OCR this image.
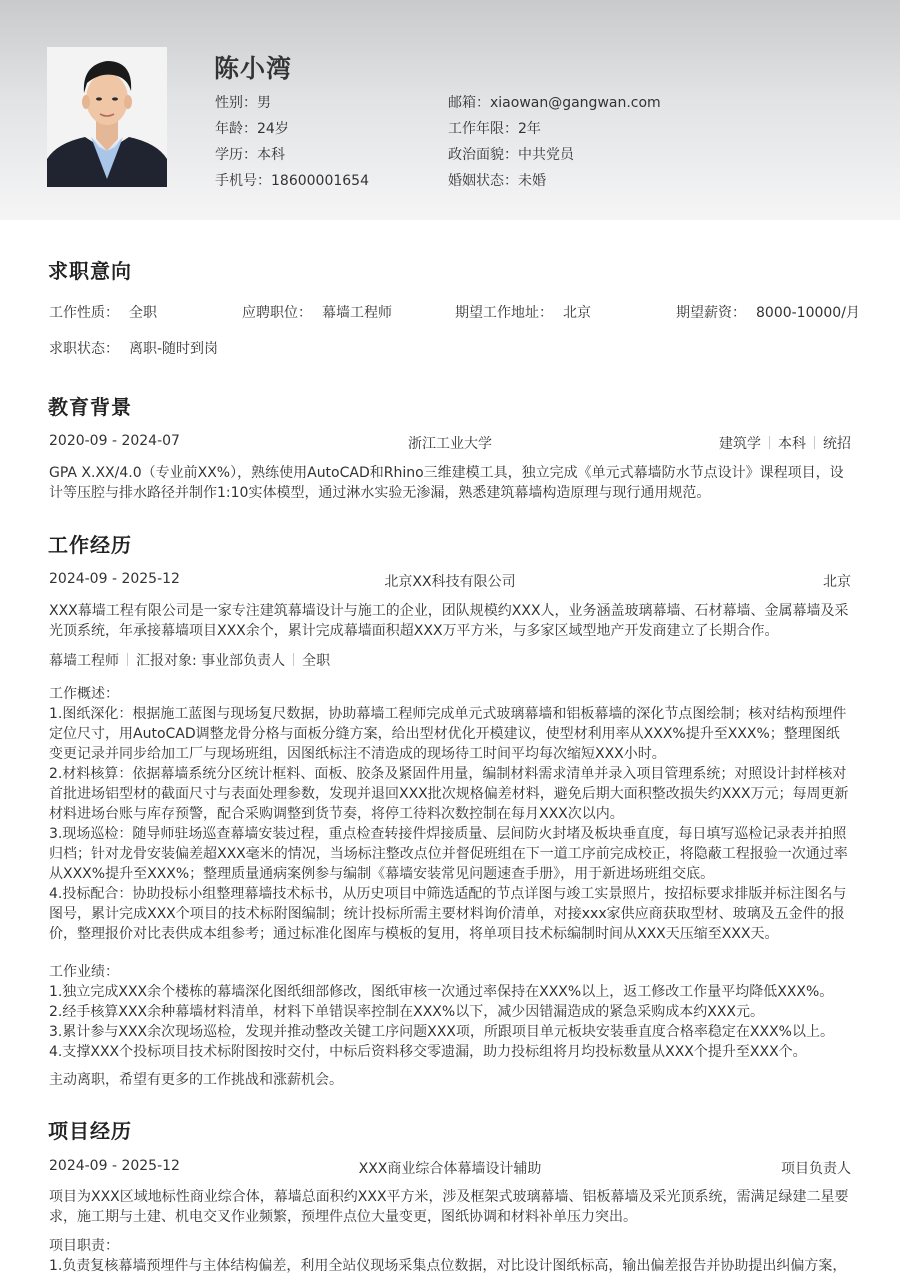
陈小湾
性别：男
年龄：24岁
学历：本科
手机号：18600001654
邮箱：xiaowan@gangwan.com
工作年限：2年
政治面貌：中共党员
婚姻状态：未婚
求职意向
工作性质： 全职	应聘职位： 幕墙工程师	期望工作地址： 北京	期望薪资： 8000-10000/月
求职状态： 离职-随时到岗
教育背景
2020-09 - 2024-07	浙江工业大学	建筑学 本科 统招
GPA X.XX/4.0（专业前XX%），熟练使用AutoCAD和Rhino三维建模工具，独立完成《单元式幕墙防水节点设计》课程项目，设计等压腔与排水路径并制作1:10实体模型，通过淋水实验无渗漏，熟悉建筑幕墙构造原理与现行通用规范。
工作经历
2024-09 - 2025-12	北京XX科技有限公司	北京
XXX幕墙工程有限公司是一家专注建筑幕墙设计与施工的企业，团队规模约XXX人，业务涵盖玻璃幕墙、石材幕墙、金属幕墙及采光顶系统，年承接幕墙项目XXX余个，累计完成幕墙面积超XXX万平方米，与多家区域型地产开发商建立了长期合作。
幕墙工程师 汇报对象: 事业部负责人 全职
工作概述：
1.图纸深化：根据施工蓝图与现场复尺数据，协助幕墙工程师完成单元式玻璃幕墙和铝板幕墙的深化节点图绘制；核对结构预埋件定位尺寸，用AutoCAD调整龙骨分格与面板分缝方案，给出型材优化开模建议，使型材利用率从XXX%提升至XXX%；整理图纸变更记录并同步给加工厂与现场班组，因图纸标注不清造成的现场待工时间平均每次缩短XXX小时。
2.材料核算：依据幕墙系统分区统计框料、面板、胶条及紧固件用量，编制材料需求清单并录入项目管理系统；对照设计封样核对首批进场铝型材的截面尺寸与表面处理参数，发现并退回XXX批次规格偏差材料，避免后期大面积整改损失约XXX万元；每周更新材料进场台账与库存预警，配合采购调整到货节奏，将停工待料次数控制在每月XXX次以内。
3.现场巡检：随导师驻场巡查幕墙安装过程，重点检查转接件焊接质量、层间防火封堵及板块垂直度，每日填写巡检记录表并拍照归档；针对龙骨安装偏差超XXX毫米的情况，当场标注整改点位并督促班组在下一道工序前完成校正，将隐蔽工程报验一次通过率从XXX%提升至XXX%；整理质量通病案例参与编制《幕墙安装常见问题速查手册》，用于新进场班组交底。
4.投标配合：协助投标小组整理幕墙技术标书，从历史项目中筛选适配的节点详图与竣工实景照片，按招标要求排版并标注图名与图号，累计完成XXX个项目的技术标附图编制；统计投标所需主要材料询价清单，对接xxx家供应商获取型材、玻璃及五金件的报价，整理报价对比表供成本组参考；通过标准化图库与模板的复用，将单项目技术标编制时间从XXX天压缩至XXX天。
工作业绩：
1.独立完成XXX余个楼栋的幕墙深化图纸细部修改，图纸审核一次通过率保持在XXX%以上，返工修改工作量平均降低XXX%。
2.经手核算XXX余种幕墙材料清单，材料下单错误率控制在XXX%以下，减少因错漏造成的紧急采购成本约XXX元。
3.累计参与XXX余次现场巡检，发现并推动整改关键工序问题XXX项，所跟项目单元板块安装垂直度合格率稳定在XXX%以上。
4.支撑XXX个投标项目技术标附图按时交付，中标后资料移交零遗漏，助力投标组将月均投标数量从XXX个提升至XXX个。
主动离职，希望有更多的工作挑战和涨薪机会。
项目经历
2024-09 - 2025-12	XXX商业综合体幕墙设计辅助	项目负责人
项目为XXX区域地标性商业综合体，幕墙总面积约XXX平方米，涉及框架式玻璃幕墙、铝板幕墙及采光顶系统，需满足绿建二星要求，施工期与土建、机电交叉作业频繁，预埋件点位大量变更，图纸协调和材料补单压力突出。
项目职责：
1.负责复核幕墙预埋件与主体结构偏差，利用全站仪现场采集点位数据，对比设计图纸标高，输出偏差报告并协助提出纠偏方案，
